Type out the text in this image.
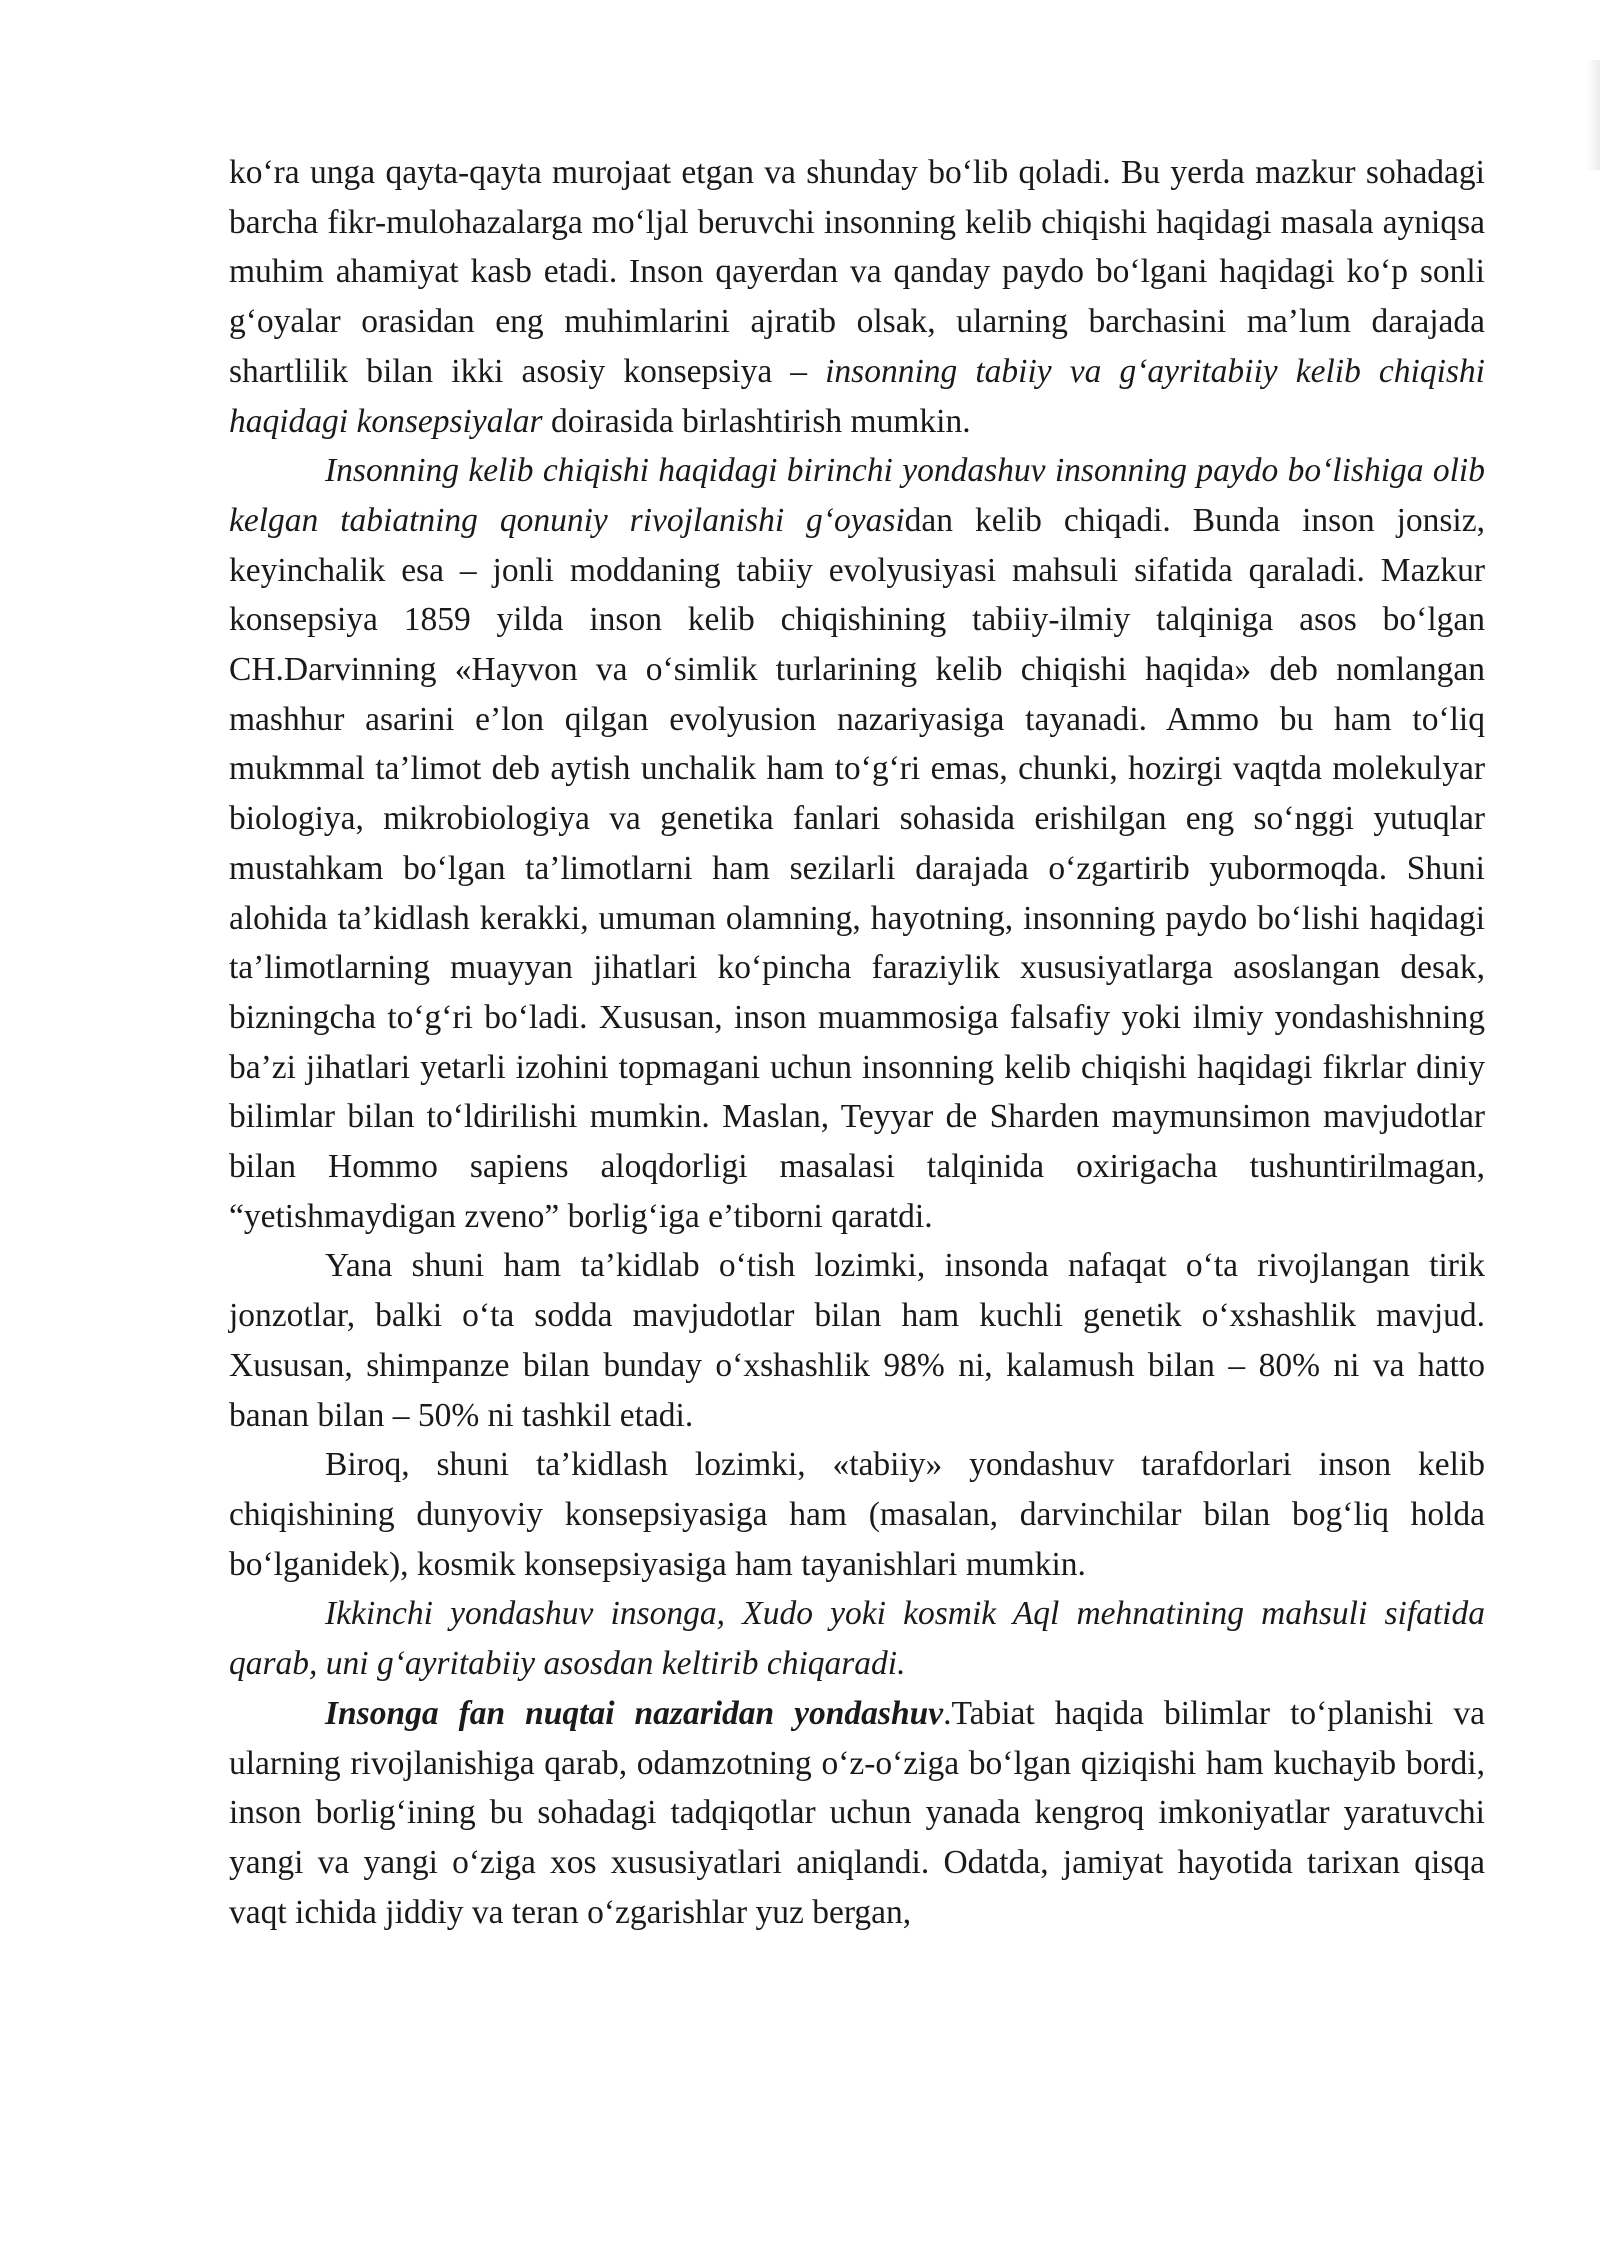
ko‘ra unga qayta-qayta murojaat etgan va shunday bo‘lib qoladi. Bu yerda mazkur sohadagi barcha fikr-mulohazalarga mo‘ljal beruvchi insonning kelib chiqishi haqidagi masala ayniqsa muhim ahamiyat kasb etadi. Inson qayerdan va qanday paydo bo‘lgani haqidagi ko‘p sonli g‘oyalar orasidan eng muhimlarini ajratib olsak, ularning barchasini ma’lum darajada shartlilik bilan ikki asosiy konsepsiya – insonning tabiiy va g‘ayritabiiy kelib chiqishi haqidagi konsepsiyalar doirasida birlashtirish mumkin.

Insonning kelib chiqishi haqidagi birinchi yondashuv insonning paydo bo‘lishiga olib kelgan tabiatning qonuniy rivojlanishi g‘oyasidan kelib chiqadi. Bunda inson jonsiz, keyinchalik esa – jonli moddaning tabiiy evolyusiyasi mahsuli sifatida qaraladi. Mazkur konsepsiya 1859 yilda inson kelib chiqishining tabiiy-ilmiy talqiniga asos bo‘lgan CH.Darvinning «Hayvon va o‘simlik turlarining kelib chiqishi haqida» deb nomlangan mashhur asarini e’lon qilgan evolyusion nazariyasiga tayanadi. Ammo bu ham to‘liq mukmmal ta’limot deb aytish unchalik ham to‘g‘ri emas, chunki, hozirgi vaqtda molekulyar biologiya, mikrobiologiya va genetika fanlari sohasida erishilgan eng so‘nggi yutuqlar mustahkam bo‘lgan ta’limotlarni ham sezilarli darajada o‘zgartirib yubormoqda. Shuni alohida ta’kidlash kerakki, umuman olamning, hayotning, insonning paydo bo‘lishi haqidagi ta’limotlarning muayyan jihatlari ko‘pincha faraziylik xususiyatlarga asoslangan desak, bizningcha to‘g‘ri bo‘ladi. Xususan, inson muammosiga falsafiy yoki ilmiy yondashishning ba’zi jihatlari yetarli izohini topmagani uchun insonning kelib chiqishi haqidagi fikrlar diniy bilimlar bilan to‘ldirilishi mumkin. Maslan, Teyyar de Sharden maymunsimon mavjudotlar bilan Hommo sapiens aloqdorligi masalasi talqinida oxirigacha tushuntirilmagan, “yetishmaydigan zveno” borlig‘iga e’tiborni qaratdi.

Yana shuni ham ta’kidlab o‘tish lozimki, insonda nafaqat o‘ta rivojlangan tirik jonzotlar, balki o‘ta sodda mavjudotlar bilan ham kuchli genetik o‘xshashlik mavjud. Xususan, shimpanze bilan bunday o‘xshashlik 98% ni, kalamush bilan – 80% ni va hatto banan bilan – 50% ni tashkil etadi.

Biroq, shuni ta’kidlash lozimki, «tabiiy» yondashuv tarafdorlari inson kelib chiqishining dunyoviy konsepsiyasiga ham (masalan, darvinchilar bilan bog‘liq holda bo‘lganidek), kosmik konsepsiyasiga ham tayanishlari mumkin.

Ikkinchi yondashuv insonga, Xudo yoki kosmik Aql mehnatining mahsuli sifatida qarab, uni g‘ayritabiiy asosdan keltirib chiqaradi.

Insonga fan nuqtai nazaridan yondashuv.Tabiat haqida bilimlar to‘planishi va ularning rivojlanishiga qarab, odamzotning o‘z-o‘ziga bo‘lgan qiziqishi ham kuchayib bordi, inson borlig‘ining bu sohadagi tadqiqotlar uchun yanada kengroq imkoniyatlar yaratuvchi yangi va yangi o‘ziga xos xususiyatlari aniqlandi. Odatda, jamiyat hayotida tarixan qisqa vaqt ichida jiddiy va teran o‘zgarishlar yuz bergan,
